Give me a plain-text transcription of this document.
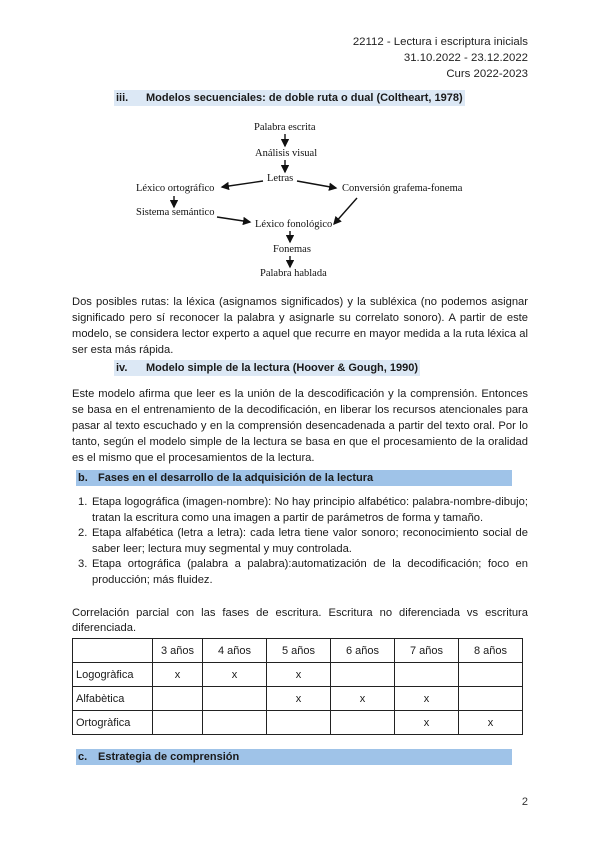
22112 - Lectura i escriptura inicials
31.10.2022 - 23.12.2022
Curs 2022-2023
iii. Modelos secuenciales: de doble ruta o dual (Coltheart, 1978)
Palabra escrita
Análisis visual
Letras
Léxico ortográfico	Conversión grafema-fonema
Sistema semántico
Léxico fonológico
Fonemas
Palabra hablada
Dos posibles rutas: la léxica (asignamos significados) y la subléxica (no podemos asignar significado pero sí reconocer la palabra y asignarle su correlato sonoro). A partir de este modelo, se considera lector experto a aquel que recurre en mayor medida a la ruta léxica al ser esta más rápida.
iv. Modelo simple de la lectura (Hoover & Gough, 1990)
Este modelo afirma que leer es la unión de la descodificación y la comprensión. Entonces se basa en el entrenamiento de la decodificación, en liberar los recursos atencionales para pasar al texto escuchado y en la comprensión desencadenada a partir del texto oral. Por lo tanto, según el modelo simple de la lectura se basa en que el procesamiento de la oralidad es el mismo que el procesamientos de la lectura.
b. Fases en el desarrollo de la adquisición de la lectura
1. Etapa logográfica (imagen-nombre): No hay principio alfabético: palabra-nombre-dibujo; tratan la escritura como una imagen a partir de parámetros de forma y tamaño.
2. Etapa alfabética (letra a letra): cada letra tiene valor sonoro; reconocimiento social de saber leer; lectura muy segmental y muy controlada.
3. Etapa ortográfica (palabra a palabra):automatización de la decodificación; foco en producción; más fluidez.
Correlación parcial con las fases de escritura. Escritura no diferenciada vs escritura diferenciada.
	3 años	4 años	5 años	6 años	7 años	8 años
Logogràfica	x	x	x			
Alfabètica			x	x	x	
Ortogràfica					x	x
c. Estrategia de comprensión
2
